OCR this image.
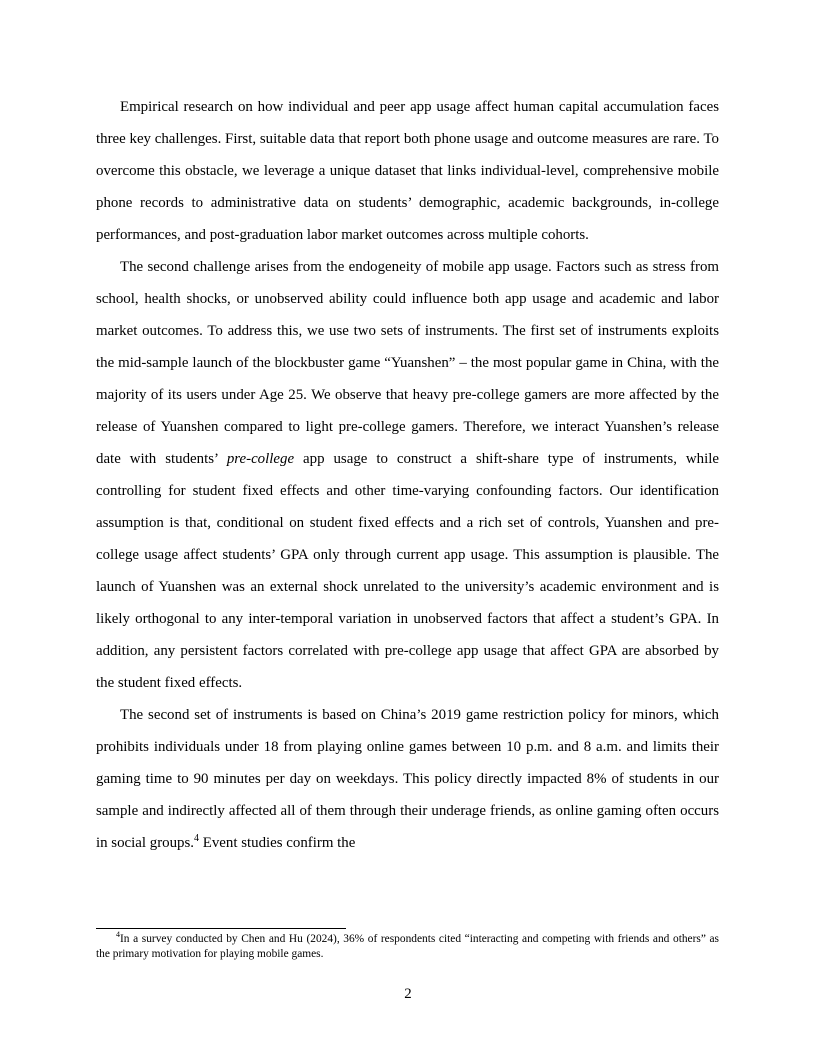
Empirical research on how individual and peer app usage affect human capital accumulation faces three key challenges. First, suitable data that report both phone usage and outcome measures are rare. To overcome this obstacle, we leverage a unique dataset that links individual-level, comprehensive mobile phone records to administrative data on students’ demographic, academic backgrounds, in-college performances, and post-graduation labor market outcomes across multiple cohorts.

The second challenge arises from the endogeneity of mobile app usage. Factors such as stress from school, health shocks, or unobserved ability could influence both app usage and academic and labor market outcomes. To address this, we use two sets of instruments. The first set of instruments exploits the mid-sample launch of the blockbuster game “Yuanshen” – the most popular game in China, with the majority of its users under Age 25. We observe that heavy pre-college gamers are more affected by the release of Yuanshen compared to light pre-college gamers. Therefore, we interact Yuanshen’s release date with students’ pre-college app usage to construct a shift-share type of instruments, while controlling for student fixed effects and other time-varying confounding factors. Our identification assumption is that, conditional on student fixed effects and a rich set of controls, Yuanshen and pre-college usage affect students’ GPA only through current app usage. This assumption is plausible. The launch of Yuanshen was an external shock unrelated to the university’s academic environment and is likely orthogonal to any inter-temporal variation in unobserved factors that affect a student’s GPA. In addition, any persistent factors correlated with pre-college app usage that affect GPA are absorbed by the student fixed effects.

The second set of instruments is based on China’s 2019 game restriction policy for minors, which prohibits individuals under 18 from playing online games between 10 p.m. and 8 a.m. and limits their gaming time to 90 minutes per day on weekdays. This policy directly impacted 8% of students in our sample and indirectly affected all of them through their underage friends, as online gaming often occurs in social groups.$^4$ Event studies confirm the

$^4$In a survey conducted by Chen and Hu (2024), 36% of respondents cited “interacting and competing with friends and others” as the primary motivation for playing mobile games.

2
